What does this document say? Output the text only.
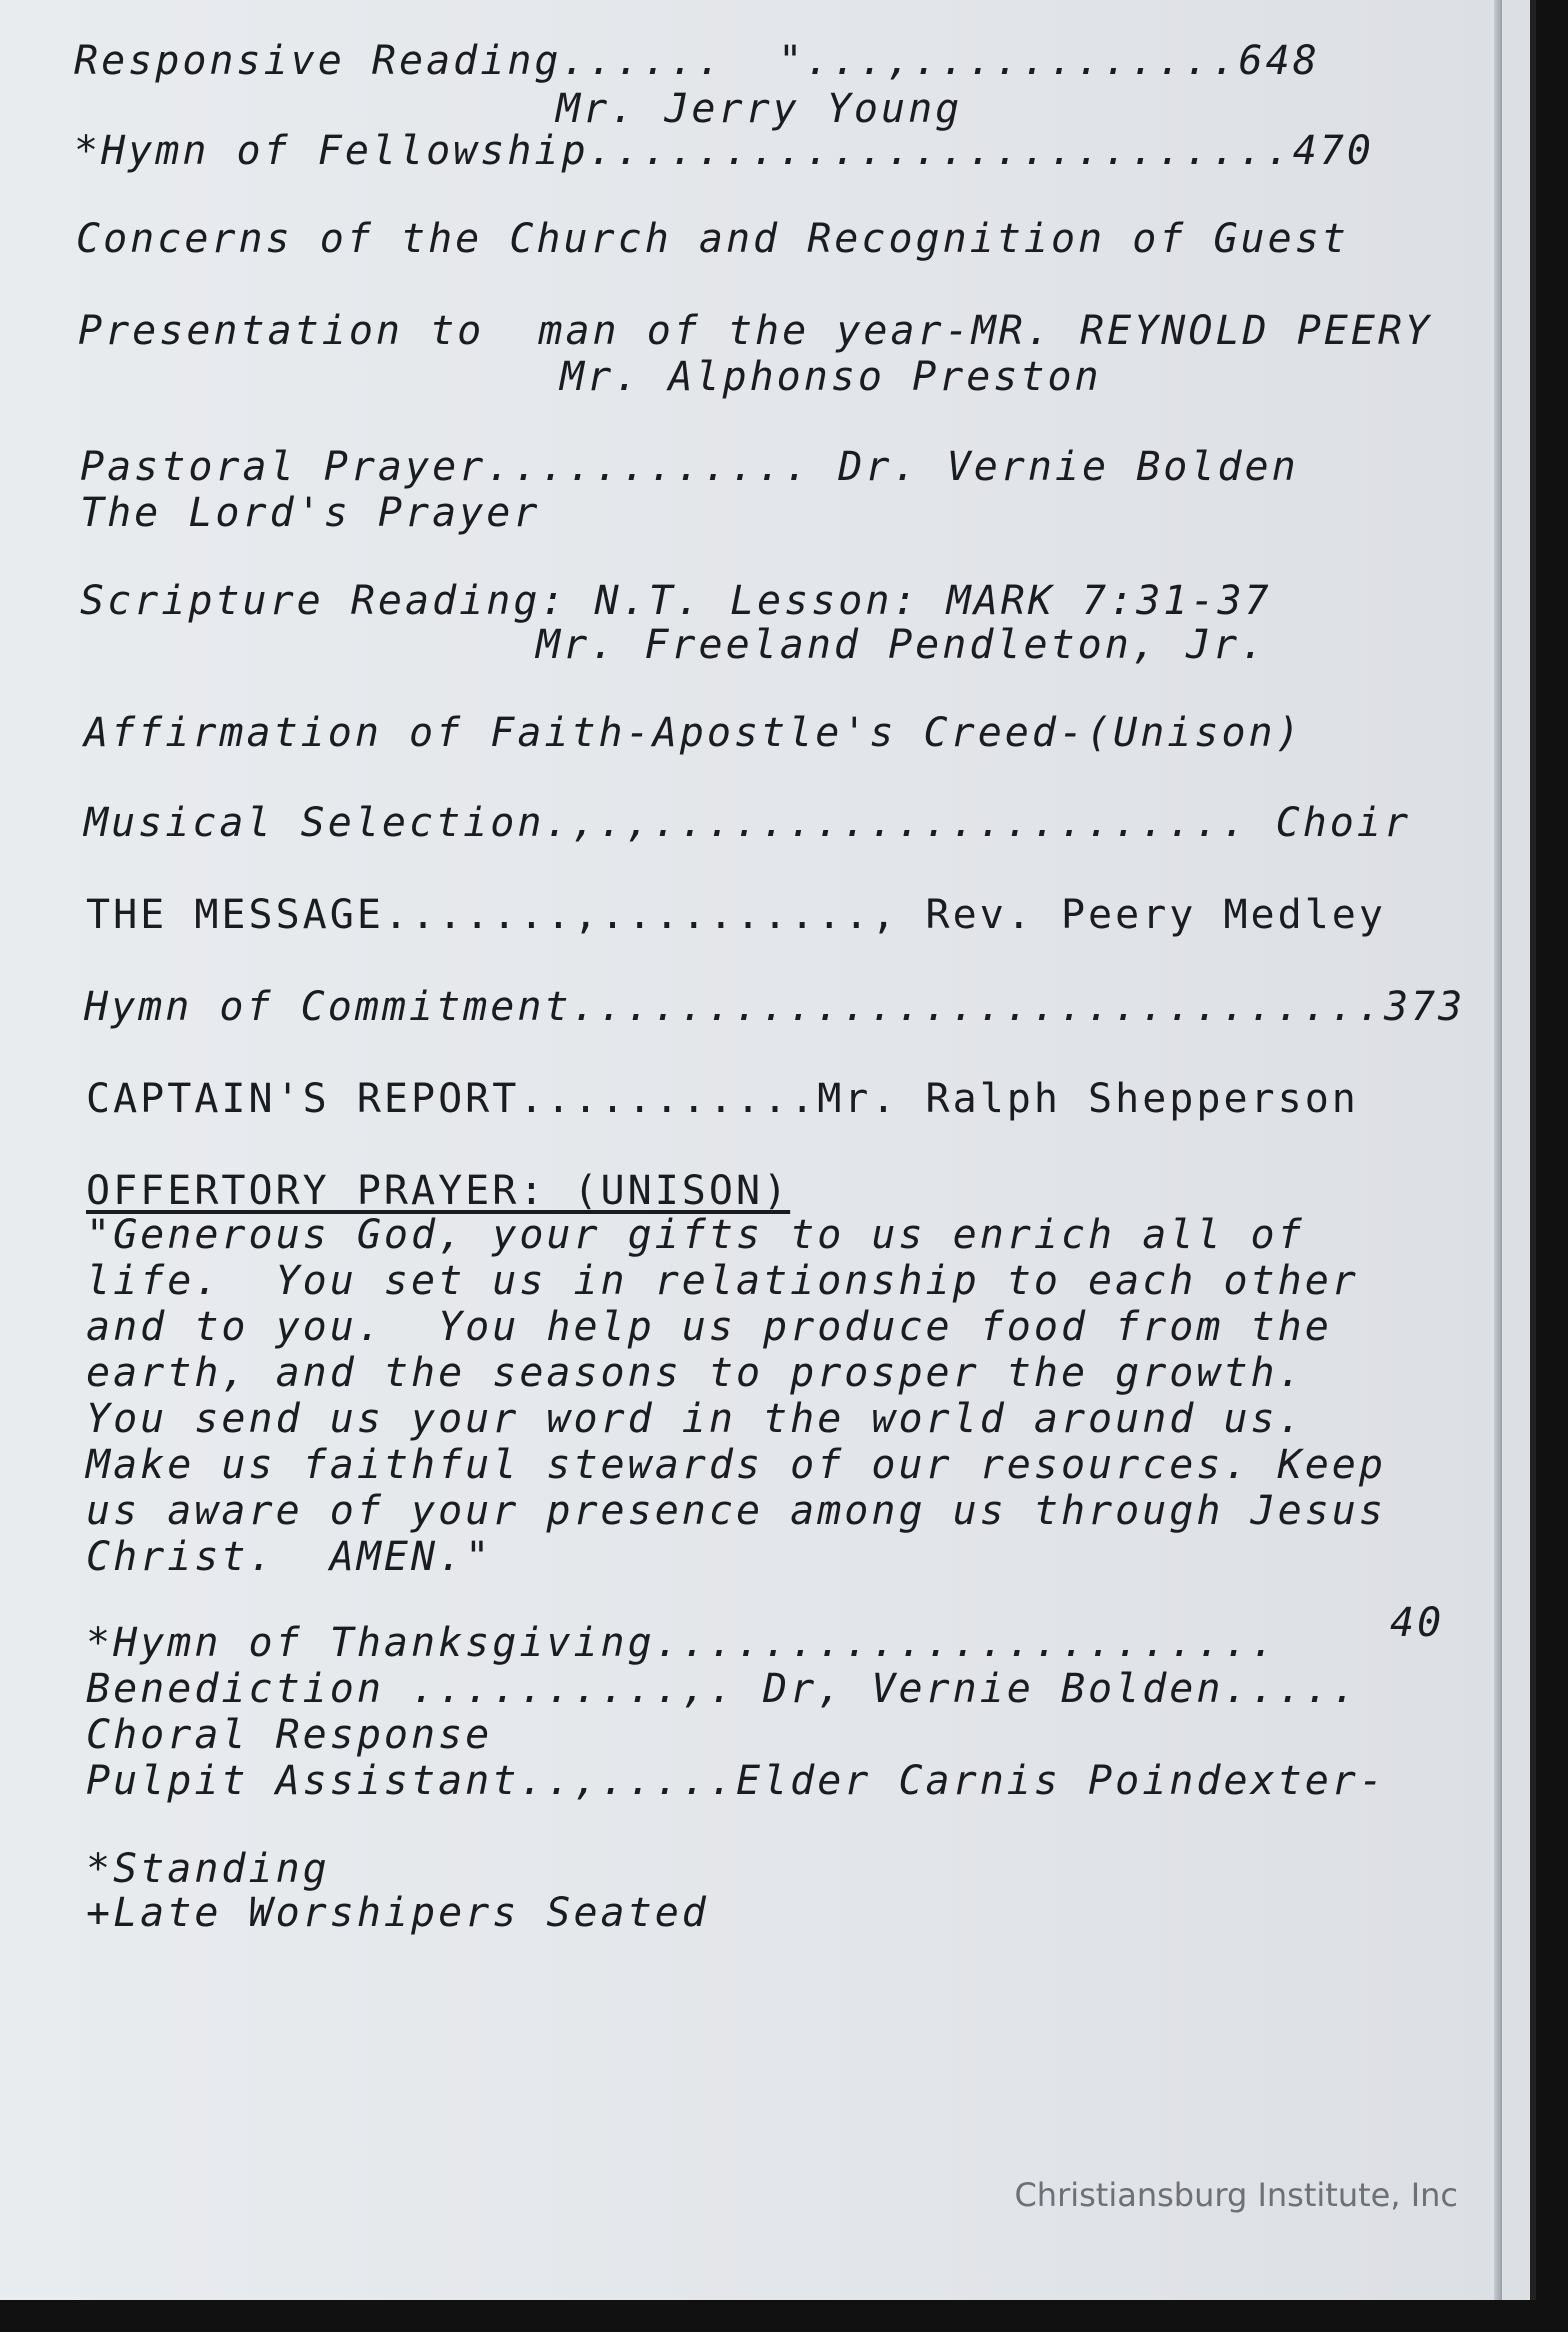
Responsive Reading......  "...,............648
Mr. Jerry Young
*Hymn of Fellowship..........................470
Concerns of the Church and Recognition of Guest
Presentation to  man of the year-MR. REYNOLD PEERY
Mr. Alphonso Preston
Pastoral Prayer............ Dr. Vernie Bolden
The Lord's Prayer
Scripture Reading: N.T. Lesson: MARK 7:31-37
Mr. Freeland Pendleton, Jr.
Affirmation of Faith-Apostle's Creed-(Unison)
Musical Selection.,.,...................... Choir
THE MESSAGE.......,.........., Rev. Peery Medley
Hymn of Commitment..............................373
CAPTAIN'S REPORT...........Mr. Ralph Shepperson
OFFERTORY PRAYER: (UNISON)
"Generous God, your gifts to us enrich all of
life.  You set us in relationship to each other
and to you.  You help us produce food from the
earth, and the seasons to prosper the growth.
You send us your word in the world around us.
Make us faithful stewards of our resources. Keep
us aware of your presence among us through Jesus
Christ.  AMEN."
*Hymn of Thanksgiving.......................	40
Benediction ..........,. Dr, Vernie Bolden.....
Choral Response
Pulpit Assistant..,.....Elder Carnis Poindexter-
*Standing
+Late Worshipers Seated
Christiansburg Institute, Inc
